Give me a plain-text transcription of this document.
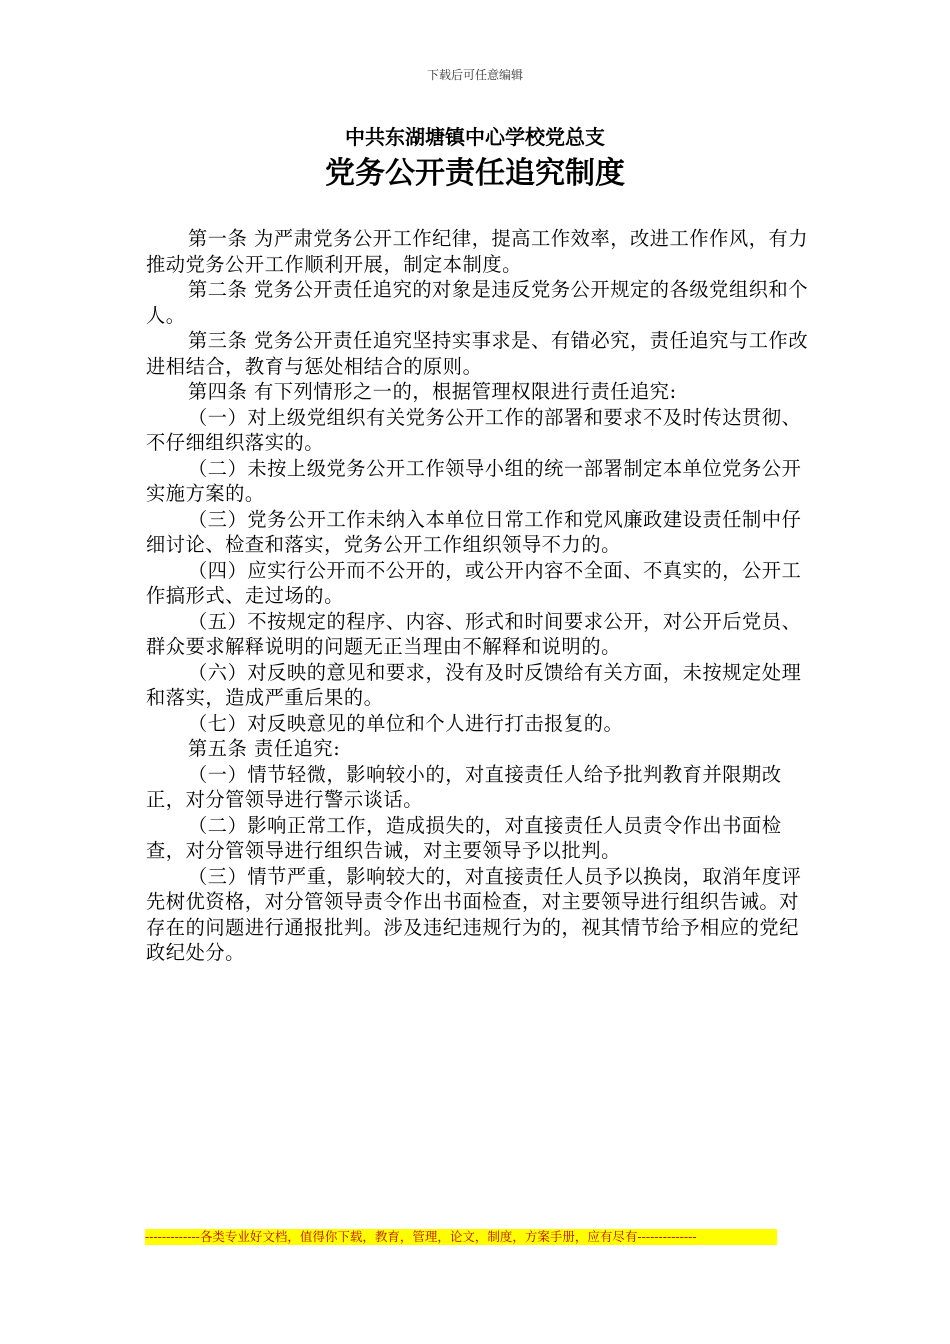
下载后可任意编辑
中共东湖塘镇中心学校党总支
党务公开责任追究制度

第一条 为严肃党务公开工作纪律，提高工作效率，改进工作作风，有力推动党务公开工作顺利开展，制定本制度。

第二条 党务公开责任追究的对象是违反党务公开规定的各级党组织和个人。

第三条 党务公开责任追究坚持实事求是、有错必究，责任追究与工作改进相结合，教育与惩处相结合的原则。

第四条 有下列情形之一的，根据管理权限进行责任追究:

（一）对上级党组织有关党务公开工作的部署和要求不及时传达贯彻、不仔细组织落实的。

（二）未按上级党务公开工作领导小组的统一部署制定本单位党务公开实施方案的。

（三）党务公开工作未纳入本单位日常工作和党风廉政建设责任制中仔细讨论、检查和落实，党务公开工作组织领导不力的。

（四）应实行公开而不公开的，或公开内容不全面、不真实的，公开工作搞形式、走过场的。

（五）不按规定的程序、内容、形式和时间要求公开，对公开后党员、群众要求解释说明的问题无正当理由不解释和说明的。

（六）对反映的意见和要求，没有及时反馈给有关方面，未按规定处理和落实，造成严重后果的。

（七）对反映意见的单位和个人进行打击报复的。

第五条 责任追究:

（一）情节轻微，影响较小的，对直接责任人给予批判教育并限期改正，对分管领导进行警示谈话。

（二）影响正常工作，造成损失的，对直接责任人员责令作出书面检查，对分管领导进行组织告诫，对主要领导予以批判。

（三）情节严重，影响较大的，对直接责任人员予以换岗，取消年度评先树优资格，对分管领导责令作出书面检查，对主要领导进行组织告诫。对存在的问题进行通报批判。涉及违纪违规行为的，视其情节给予相应的党纪政纪处分。

-------------各类专业好文档，值得你下载，教育，管理，论文，制度，方案手册，应有尽有--------------
